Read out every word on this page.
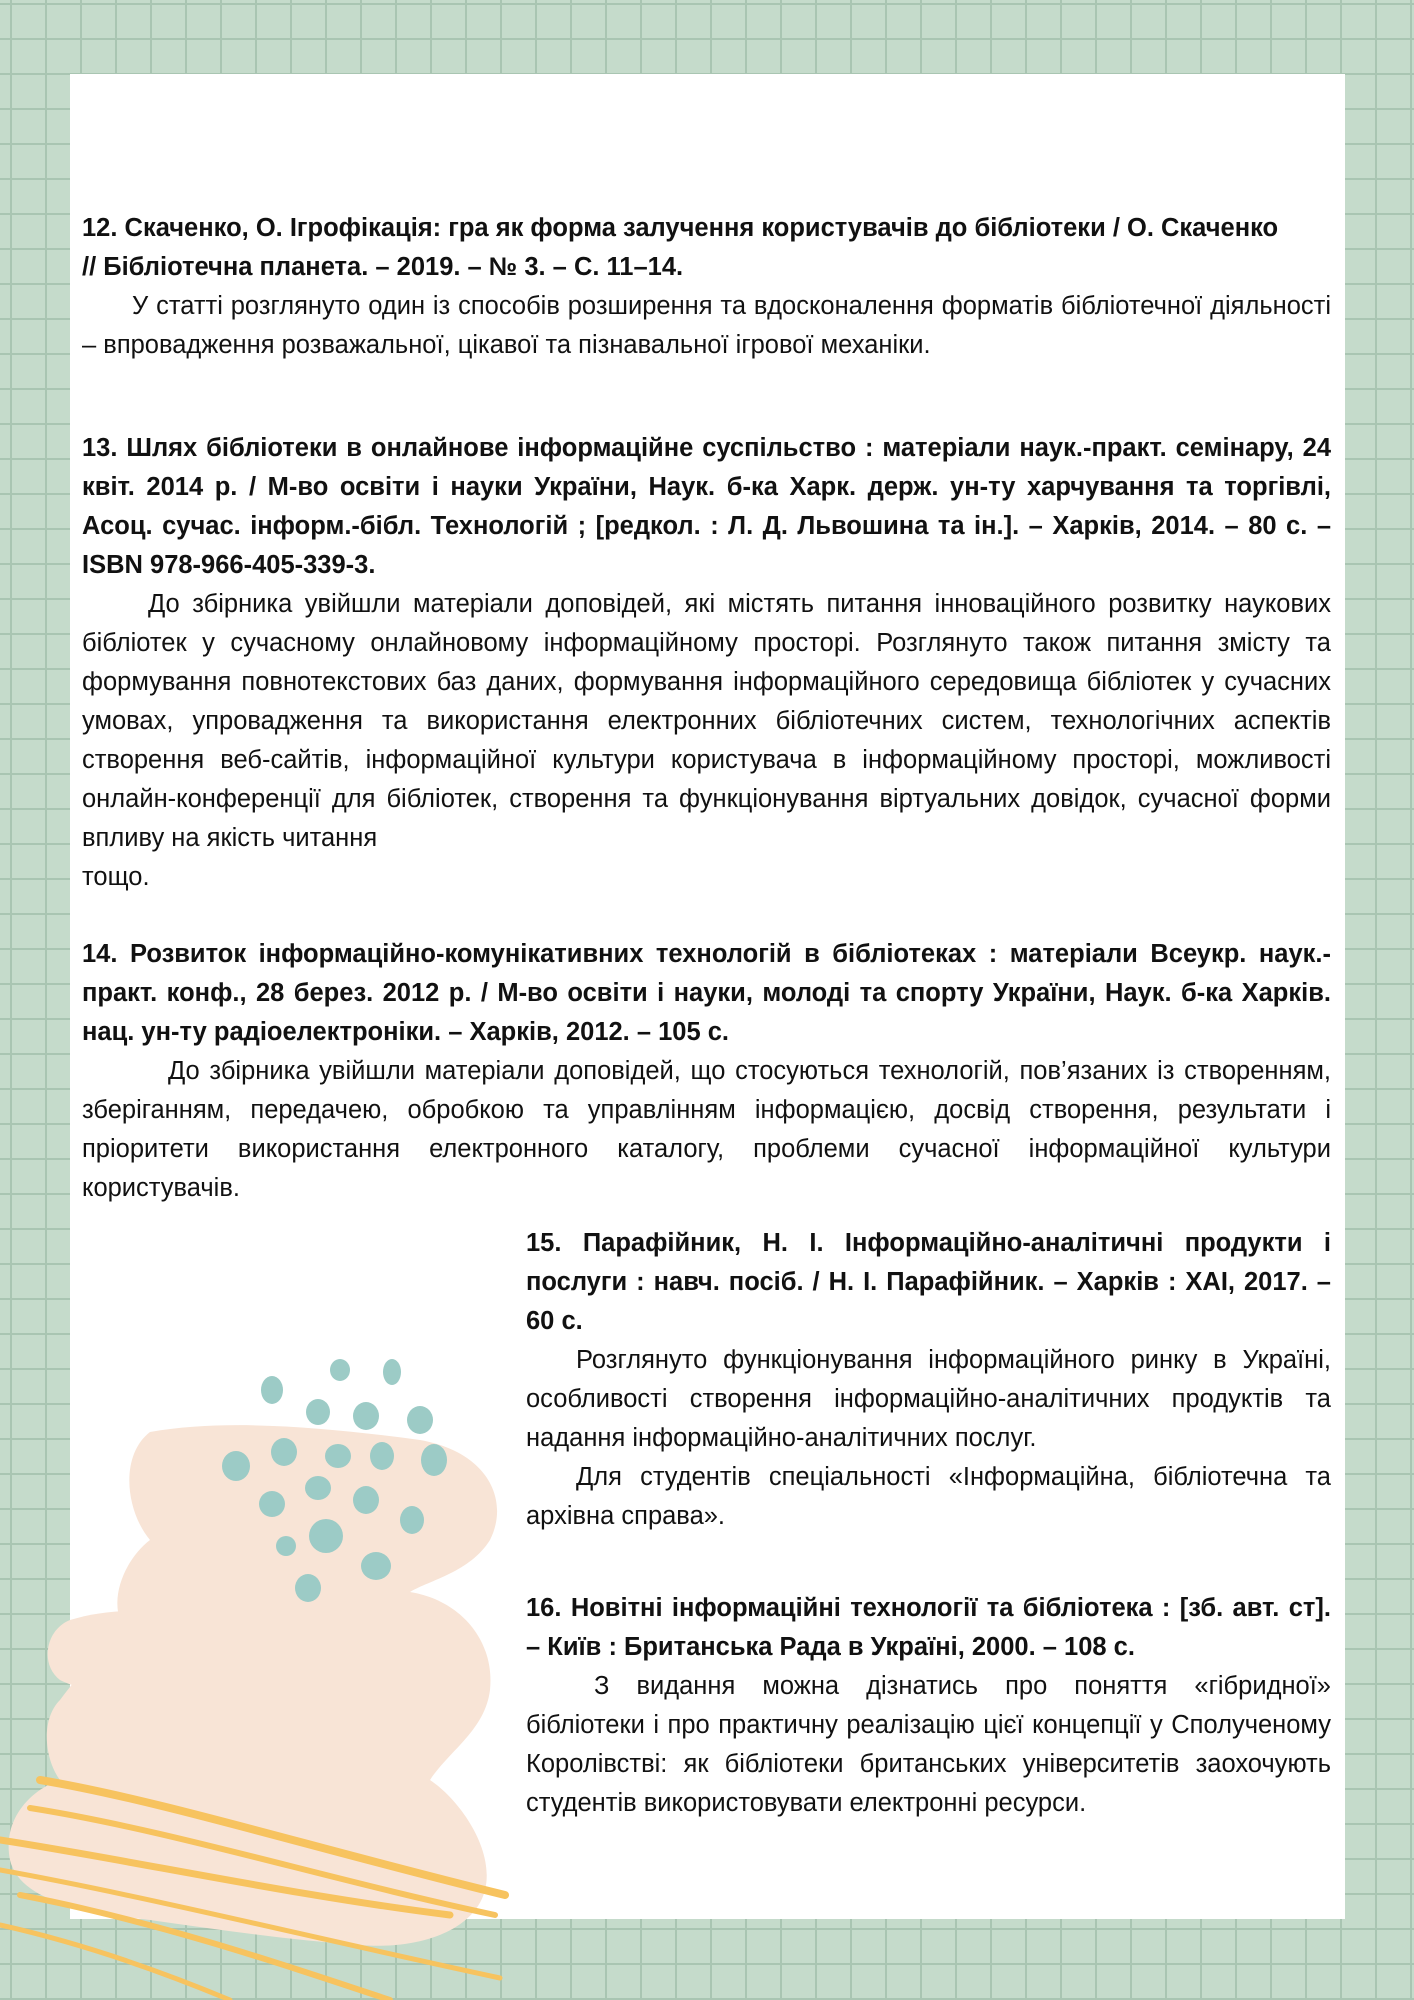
12. Скаченко, О. Ігрофікація: гра як форма залучення користувачів до бібліотеки / О. Скаченко
// Бібліотечна планета. – 2019. – № 3. – С. 11–14.

У статті розглянуто один із способів розширення та вдосконалення форматів бібліотечної діяльності – впровадження розважальної, цікавої та пізнавальної ігрової механіки.

13. Шлях бібліотеки в онлайнове інформаційне суспільство : матеріали наук.-практ. семінару, 24 квіт. 2014 р. / М-во освіти і науки України, Наук. б-ка Харк. держ. ун-ту харчування та торгівлі, Асоц. сучас. інформ.-бібл. Технологій ; [редкол. : Л. Д. Львошина та ін.]. – Харків, 2014. – 80 с. – ISBN 978-966-405-339-3.

До збірника увійшли матеріали доповідей, які містять питання інноваційного розвитку наукових бібліотек у сучасному онлайновому інформаційному просторі. Розглянуто також питання змісту та формування повнотекстових баз даних, формування інформаційного середовища бібліотек у сучасних умовах, упровадження та використання електронних бібліотечних систем, технологічних аспектів створення веб-сайтів, інформаційної культури користувача в інформаційному просторі, можливості онлайн-конференції для бібліотек, створення та функціонування віртуальних довідок, сучасної форми впливу на якість читання

тощо.

14. Розвиток інформаційно-комунікативних технологій в бібліотеках : матеріали Всеукр. наук.-практ. конф., 28 берез. 2012 р. / М-во освіти і науки, молоді та спорту України, Наук. б-ка Харків. нац. ун-ту радіоелектроніки. – Харків, 2012. – 105 с.

До збірника увійшли матеріали доповідей, що стосуються технологій, пов’язаних із створенням, зберіганням, передачею, обробкою та управлінням інформацією, досвід створення, результати і пріоритети використання електронного каталогу, проблеми сучасної інформаційної культури користувачів.

15. Парафійник, Н. І. Інформаційно-аналітичні продукти і послуги : навч. посіб. / Н. І. Парафійник. – Харків : ХАІ, 2017. – 60 с.

Розглянуто функціонування інформаційного ринку в Україні, особливості створення інформаційно-аналітичних продуктів та надання інформаційно-аналітичних послуг.

Для студентів спеціальності «Інформаційна, бібліотечна та архівна справа».

16. Новітні інформаційні технології та бібліотека : [зб. авт. ст]. – Київ : Британська Рада в Україні, 2000. – 108 с.

З видання можна дізнатись про поняття «гібридної» бібліотеки і про практичну реалізацію цієї концепції у Сполученому Королівстві: як бібліотеки британських університетів заохочують студентів використовувати електронні ресурси.
